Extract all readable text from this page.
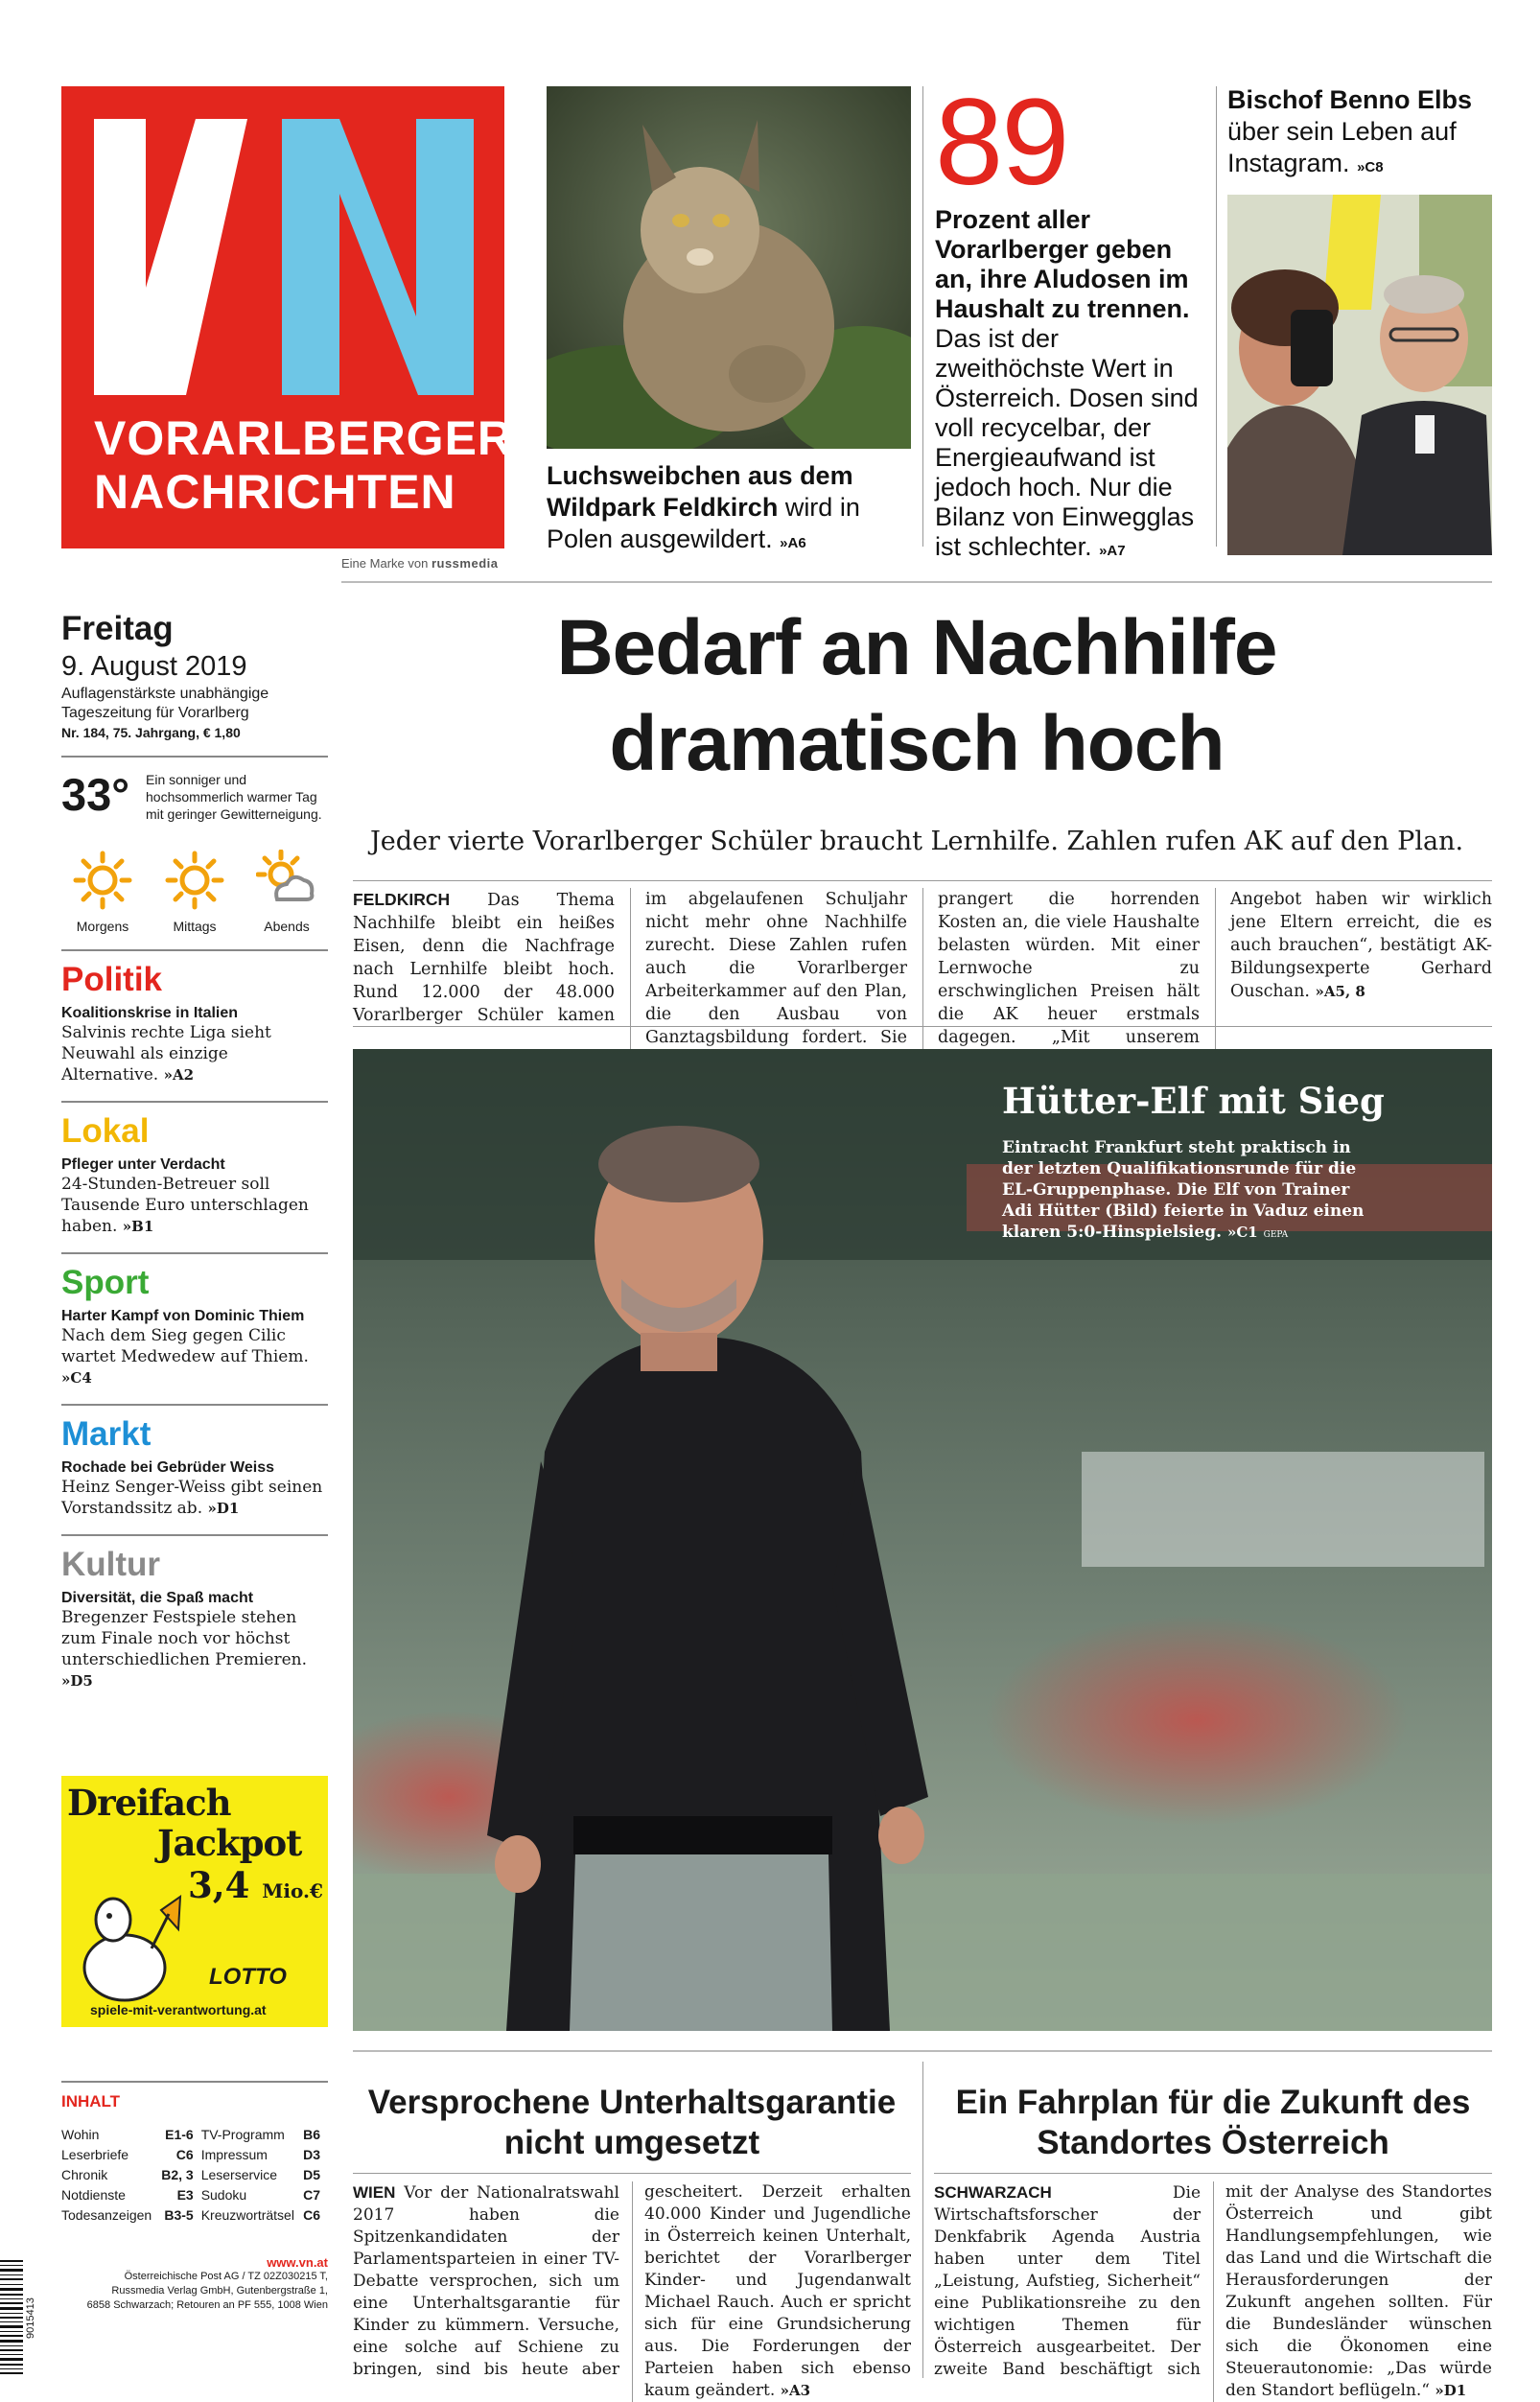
VORARLBERGER
NACHRICHTEN
Eine Marke von russmedia
Luchsweibchen aus dem Wildpark Feldkirch wird in Polen ausgewildert. »A6
89
Prozent aller Vorarlberger geben an, ihre Aludosen im Haushalt zu trennen. Das ist der zweithöchste Wert in Österreich. Dosen sind voll recycelbar, der Energieaufwand ist jedoch hoch. Nur die Bilanz von Einwegglas ist schlechter. »A7
Bischof Benno Elbs über sein Leben auf Instagram. »C8
Freitag
9. August 2019
Auflagenstärkste unabhängige Tageszeitung für Vorarlberg
Nr. 184, 75. Jahrgang, € 1,80
33°	Ein sonniger und hochsommerlich warmer Tag mit geringer Gewitterneigung.
Morgens	Mittags	Abends
Politik
Koalitionskrise in Italien
Salvinis rechte Liga sieht Neuwahl als einzige Alternative. »A2
Lokal
Pfleger unter Verdacht
24-Stunden-Betreuer soll Tausende Euro unterschlagen haben. »B1
Sport
Harter Kampf von Dominic Thiem
Nach dem Sieg gegen Cilic wartet Medwedew auf Thiem. »C4
Markt
Rochade bei Gebrüder Weiss
Heinz Senger-Weiss gibt seinen Vorstandssitz ab. »D1
Kultur
Diversität, die Spaß macht
Bregenzer Festspiele stehen zum Finale noch vor höchst unterschiedlichen Premieren. »D5
Dreifach
Jackpot
3,4 Mio.€
LOTTO
spiele-mit-verantwortung.at
INHALT
Wohin	E1-6	TV-Programm	B6
Leserbriefe	C6	Impressum	D3
Chronik	B2, 3	Leserservice	D5
Notdienste	E3	Sudoku	C7
Todesanzeigen	B3-5	Kreuzworträtsel	C6
www.vn.at
Österreichische Post AG / TZ 02Z030215 T,
Russmedia Verlag GmbH, Gutenbergstraße 1,
6858 Schwarzach; Retouren an PF 555, 1008 Wien
9015413
Bedarf an Nachhilfe
dramatisch hoch
Jeder vierte Vorarlberger Schüler braucht Lernhilfe. Zahlen rufen AK auf den Plan.
FELDKIRCH Das Thema Nachhilfe bleibt ein heißes Eisen, denn die Nachfrage nach Lernhilfe bleibt hoch. Rund 12.000 der 48.000 Vorarlberger Schüler kamen im abgelaufenen Schuljahr nicht mehr ohne Nachhilfe zurecht. Diese Zahlen rufen auch die Vorarlberger Arbeiterkammer auf den Plan, die den Ausbau von Ganztagsbildung fordert. Sie prangert die horrenden Kosten an, die viele Haushalte belasten würden. Mit einer Lernwoche zu erschwinglichen Preisen hält die AK heuer erstmals dagegen. „Mit unserem Angebot haben wir wirklich jene Eltern erreicht, die es auch brauchen“, bestätigt AK-Bildungsexperte Gerhard Ouschan. »A5, 8
Hütter-Elf mit Sieg
Eintracht Frankfurt steht praktisch in der letzten Qualifikationsrunde für die EL-Gruppenphase. Die Elf von Trainer Adi Hütter (Bild) feierte in Vaduz einen klaren 5:0-Hinspielsieg. »C1 GEPA
Versprochene Unterhaltsgarantie nicht umgesetzt
WIEN Vor der Nationalratswahl 2017 haben die Spitzenkandidaten der Parlamentsparteien in einer TV-Debatte versprochen, sich um eine Unterhaltsgarantie für Kinder zu kümmern. Versuche, eine solche auf Schiene zu bringen, sind bis heute aber gescheitert. Derzeit erhalten 40.000 Kinder und Jugendliche in Österreich keinen Unterhalt, berichtet der Vorarlberger Kinder- und Jugendanwalt Michael Rauch. Auch er spricht sich für eine Grundsicherung aus. Die Forderungen der Parteien haben sich ebenso kaum geändert. »A3
Ein Fahrplan für die Zukunft des Standortes Österreich
SCHWARZACH Die Wirtschaftsforscher der Denkfabrik Agenda Austria haben unter dem Titel „Leistung, Aufstieg, Sicherheit“ eine Publikationsreihe zu den wichtigen Themen für Österreich ausgearbeitet. Der zweite Band beschäftigt sich mit der Analyse des Standortes Österreich und gibt Handlungsempfehlungen, wie das Land und die Wirtschaft die Herausforderungen der Zukunft angehen sollten. Für die Bundesländer wünschen sich die Ökonomen eine Steuerautonomie: „Das würde den Standort beflügeln.“ »D1
